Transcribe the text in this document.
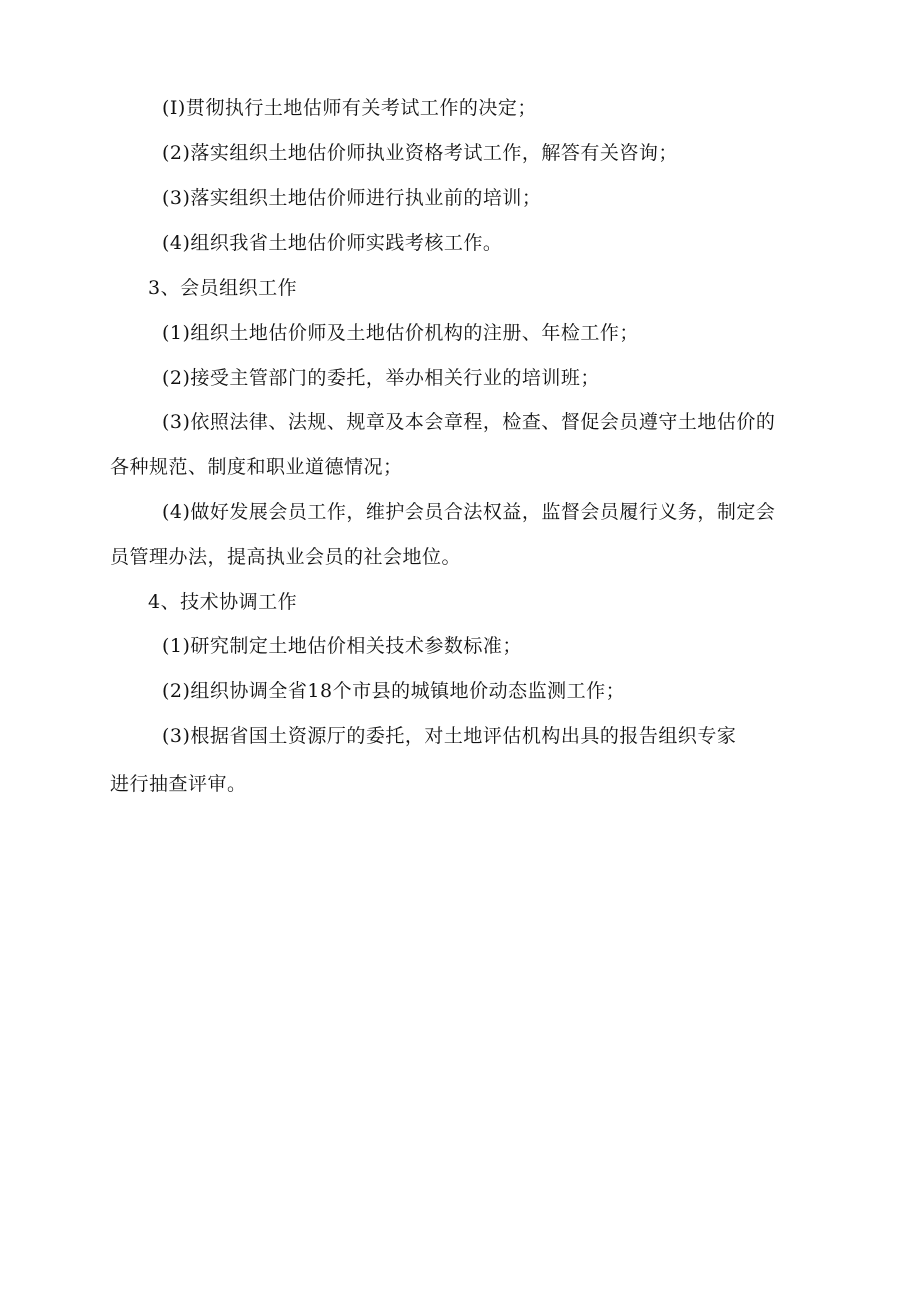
(I)贯彻执行土地估师有关考试工作的决定；
(2)落实组织土地估价师执业资格考试工作，解答有关咨询；
(3)落实组织土地估价师进行执业前的培训；
(4)组织我省土地估价师实践考核工作。
3、会员组织工作
(1)组织土地估价师及土地估价机构的注册、年检工作；
(2)接受主管部门的委托，举办相关行业的培训班；
(3)依照法律、法规、规章及本会章程，检查、督促会员遵守土地估价的
各种规范、制度和职业道德情况；
(4)做好发展会员工作，维护会员合法权益，监督会员履行义务，制定会
员管理办法，提高执业会员的社会地位。
4、技术协调工作
(1)研究制定土地估价相关技术参数标准；
(2)组织协调全省18个市县的城镇地价动态监测工作；
(3)根据省国土资源厅的委托，对土地评估机构出具的报告组织专家
进行抽查评审。
